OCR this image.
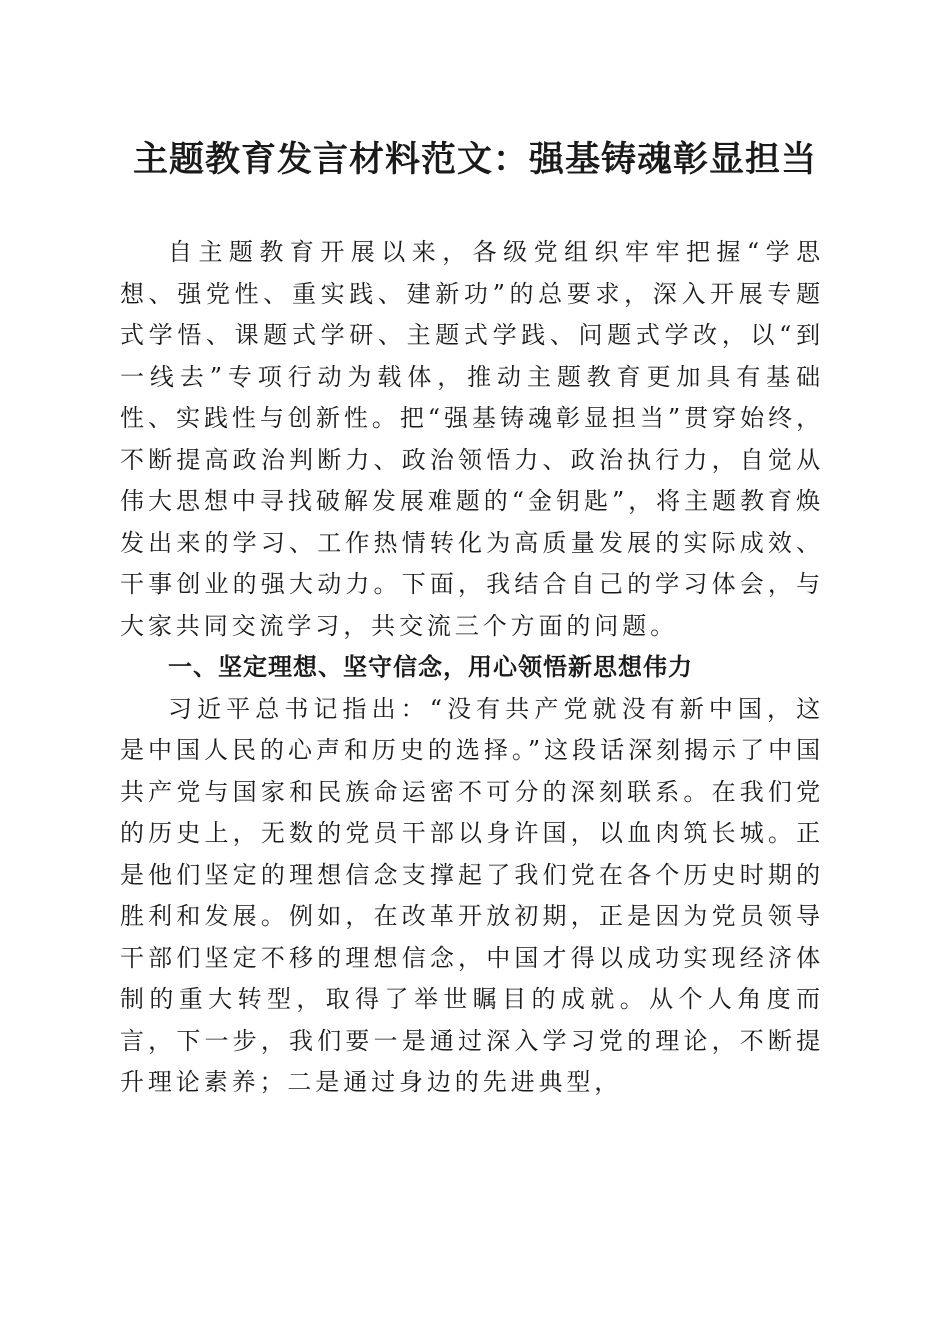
主题教育发言材料范文：强基铸魂彰显担当

自主题教育开展以来，各级党组织牢牢把握“学思想、强党性、重实践、建新功”的总要求，深入开展专题式学悟、课题式学研、主题式学践、问题式学改，以“到一线去”专项行动为载体，推动主题教育更加具有基础性、实践性与创新性。把“强基铸魂彰显担当”贯穿始终，不断提高政治判断力、政治领悟力、政治执行力，自觉从伟大思想中寻找破解发展难题的“金钥匙”，将主题教育焕发出来的学习、工作热情转化为高质量发展的实际成效、干事创业的强大动力。下面，我结合自己的学习体会，与大家共同交流学习，共交流三个方面的问题。

一、坚定理想、坚守信念，用心领悟新思想伟力

习近平总书记指出：“没有共产党就没有新中国，这是中国人民的心声和历史的选择。”这段话深刻揭示了中国共产党与国家和民族命运密不可分的深刻联系。在我们党的历史上，无数的党员干部以身许国，以血肉筑长城。正是他们坚定的理想信念支撑起了我们党在各个历史时期的胜利和发展。例如，在改革开放初期，正是因为党员领导干部们坚定不移的理想信念，中国才得以成功实现经济体制的重大转型，取得了举世瞩目的成就。从个人角度而言，下一步，我们要一是通过深入学习党的理论，不断提升理论素养；二是通过身边的先进典型，
